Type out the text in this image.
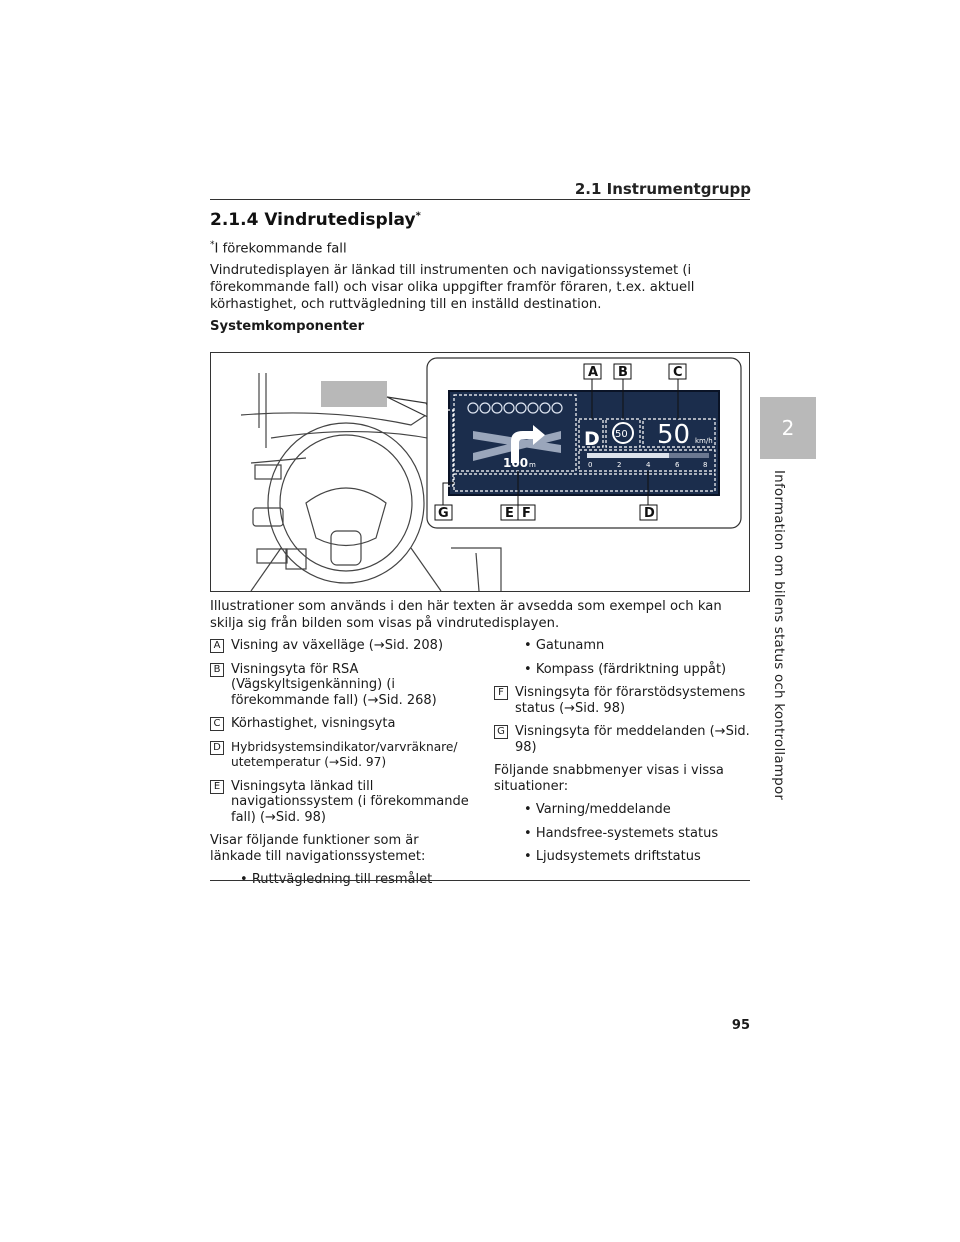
2.1 Instrumentgrupp
2
Information om bilens status och kontrollampor
2.1.4 Vindrutedisplay*
*I förekommande fall
Vindrutedisplayen är länkad till instrumenten och navigationssystemet (i förekommande fall) och visar olika uppgifter framför föraren, t.ex. aktuell körhastighet, och ruttvägledning till en inställd destination.
Systemkomponenter
100 m
D 50 50 km/h
0	2	4	6	8
A B	C
D
E F
G
Illustrationer som används i den här texten är avsedda som exempel och kan skilja sig från bilden som visas på vindrutedisplayen.
A Visning av växelläge (→Sid. 208)
B Visningsyta för RSA (Vägskyltsigenkänning) (i förekommande fall) (→Sid. 268)
C Körhastighet, visningsyta
D Hybridsystemsindikator/varvräknare/ utetemperatur (→Sid. 97)
E Visningsyta länkad till navigationssystem (i förekommande fall) (→Sid. 98)
Visar följande funktioner som är länkade till navigationssystemet:
• Ruttvägledning till resmålet
• Gatunamn
• Kompass (färdriktning uppåt)
F Visningsyta för förarstödsystemens status (→Sid. 98)
G Visningsyta för meddelanden (→Sid. 98)
Följande snabbmenyer visas i vissa situationer:
• Varning/meddelande
• Handsfree-systemets status
• Ljudsystemets driftstatus
95
